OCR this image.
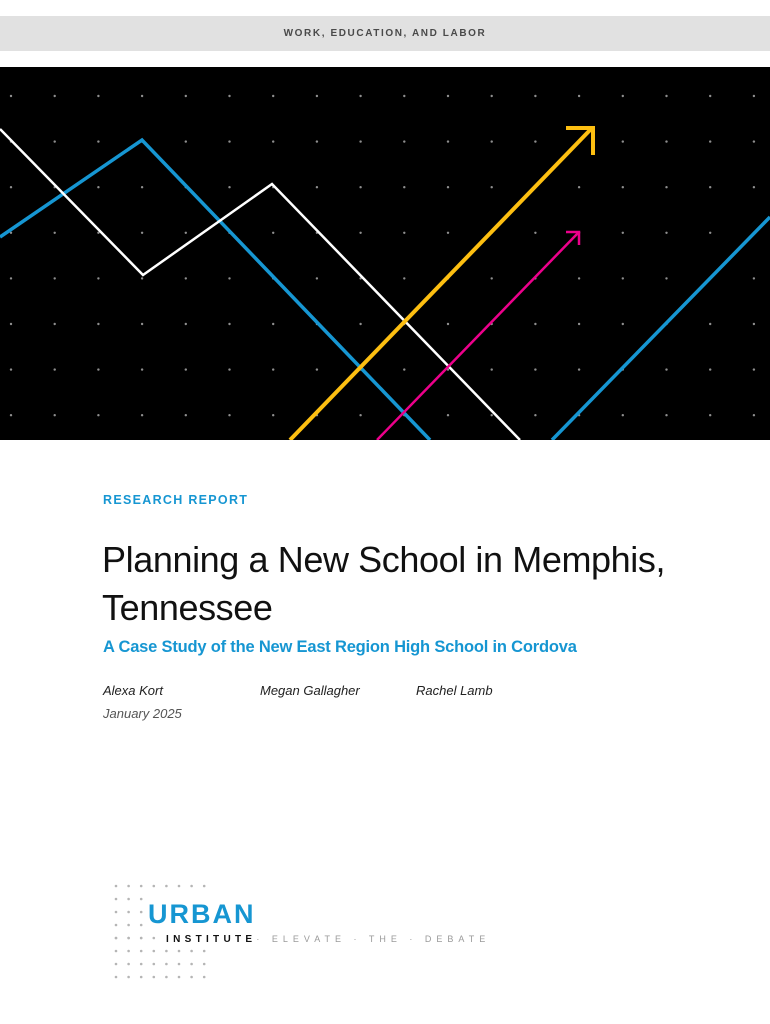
WORK, EDUCATION, AND LABOR
RESEARCH REPORT
Planning a New School in Memphis, Tennessee

A Case Study of the New East Region High School in Cordova

Alexa Kort	Megan Gallagher	Rachel Lamb
January 2025
URBAN
INSTITUTE· ELEVATE · THE · DEBATE
